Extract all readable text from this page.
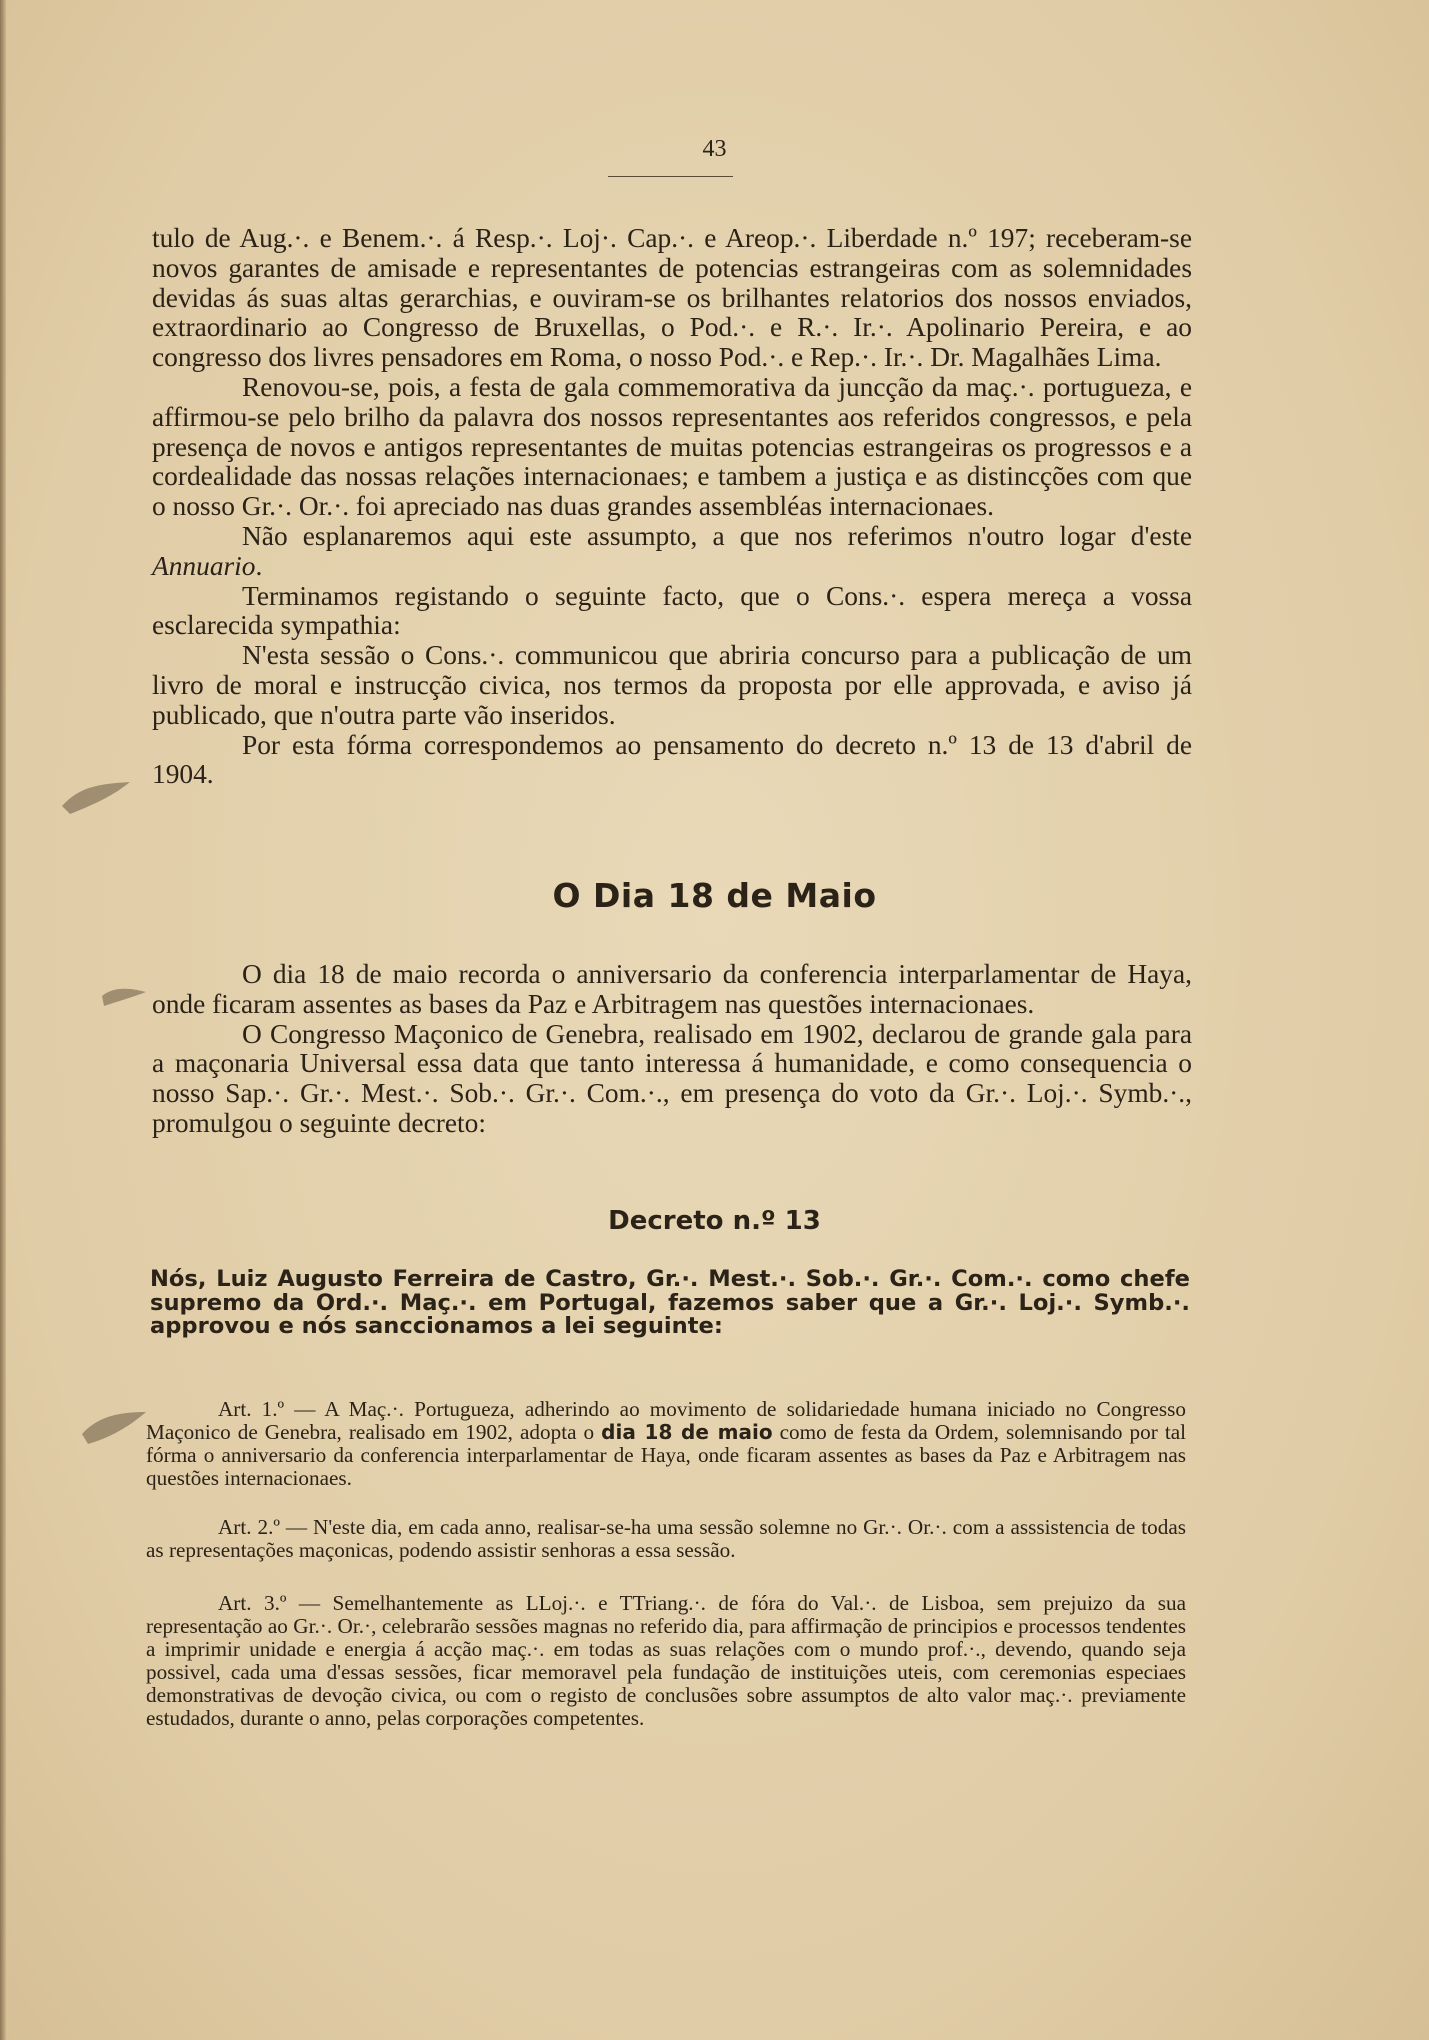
43

tulo de Aug.·. e Benem.·. á Resp.·. Loj·. Cap.·. e Areop.·. Liberdade n.º 197; receberam-se novos garantes de amisade e representantes de potencias estrangeiras com as solemnidades devidas ás suas altas gerarchias, e ouviram-se os brilhantes relatorios dos nossos enviados, extraordinario ao Congresso de Bruxellas, o Pod.·. e R.·. Ir.·. Apolinario Pereira, e ao congresso dos livres pensadores em Roma, o nosso Pod.·. e Rep.·. Ir.·. Dr. Magalhães Lima.

Renovou-se, pois, a festa de gala commemorativa da juncção da maç.·. portugueza, e affirmou-se pelo brilho da palavra dos nossos representantes aos referidos congressos, e pela presença de novos e antigos representantes de muitas potencias estrangeiras os progressos e a cordealidade das nossas relações internacionaes; e tambem a justiça e as distincções com que o nosso Gr.·. Or.·. foi apreciado nas duas grandes assembléas internacionaes.

Não esplanaremos aqui este assumpto, a que nos referimos n'outro logar d'este Annuario.

Terminamos registando o seguinte facto, que o Cons.·. espera mereça a vossa esclarecida sympathia:

N'esta sessão o Cons.·. communicou que abriria concurso para a publicação de um livro de moral e instrucção civica, nos termos da proposta por elle approvada, e aviso já publicado, que n'outra parte vão inseridos.

Por esta fórma correspondemos ao pensamento do decreto n.º 13 de 13 d'abril de 1904.

O Dia 18 de Maio

O dia 18 de maio recorda o anniversario da conferencia interparlamentar de Haya, onde ficaram assentes as bases da Paz e Arbitragem nas questões internacionaes.

O Congresso Maçonico de Genebra, realisado em 1902, declarou de grande gala para a maçonaria Universal essa data que tanto interessa á humanidade, e como consequencia o nosso Sap.·. Gr.·. Mest.·. Sob.·. Gr.·. Com.·., em presença do voto da Gr.·. Loj.·. Symb.·., promulgou o seguinte decreto:

Decreto n.º 13
Nós, Luiz Augusto Ferreira de Castro, Gr.·. Mest.·. Sob.·. Gr.·. Com.·. como chefe supremo da Ord.·. Maç.·. em Portugal, fazemos saber que a Gr.·. Loj.·. Symb.·. approvou e nós sanccionamos a lei seguinte:

Art. 1.º — A Maç.·. Portugueza, adherindo ao movimento de solidariedade humana iniciado no Congresso Maçonico de Genebra, realisado em 1902, adopta o dia 18 de maio como de festa da Ordem, solemnisando por tal fórma o anniversario da conferencia interparlamentar de Haya, onde ficaram assentes as bases da Paz e Arbitragem nas questões internacionaes.

Art. 2.º — N'este dia, em cada anno, realisar-se-ha uma sessão solemne no Gr.·. Or.·. com a asssistencia de todas as representações maçonicas, podendo assistir senhoras a essa sessão.

Art. 3.º — Semelhantemente as LLoj.·. e TTriang.·. de fóra do Val.·. de Lisboa, sem prejuizo da sua representação ao Gr.·. Or.·, celebrarão sessões magnas no referido dia, para affirmação de principios e processos tendentes a imprimir unidade e energia á acção maç.·. em todas as suas relações com o mundo prof.·., devendo, quando seja possivel, cada uma d'essas sessões, ficar memoravel pela fundação de instituições uteis, com ceremonias especiaes demonstrativas de devoção civica, ou com o registo de conclusões sobre assumptos de alto valor maç.·. previamente estudados, durante o anno, pelas corporações competentes.
